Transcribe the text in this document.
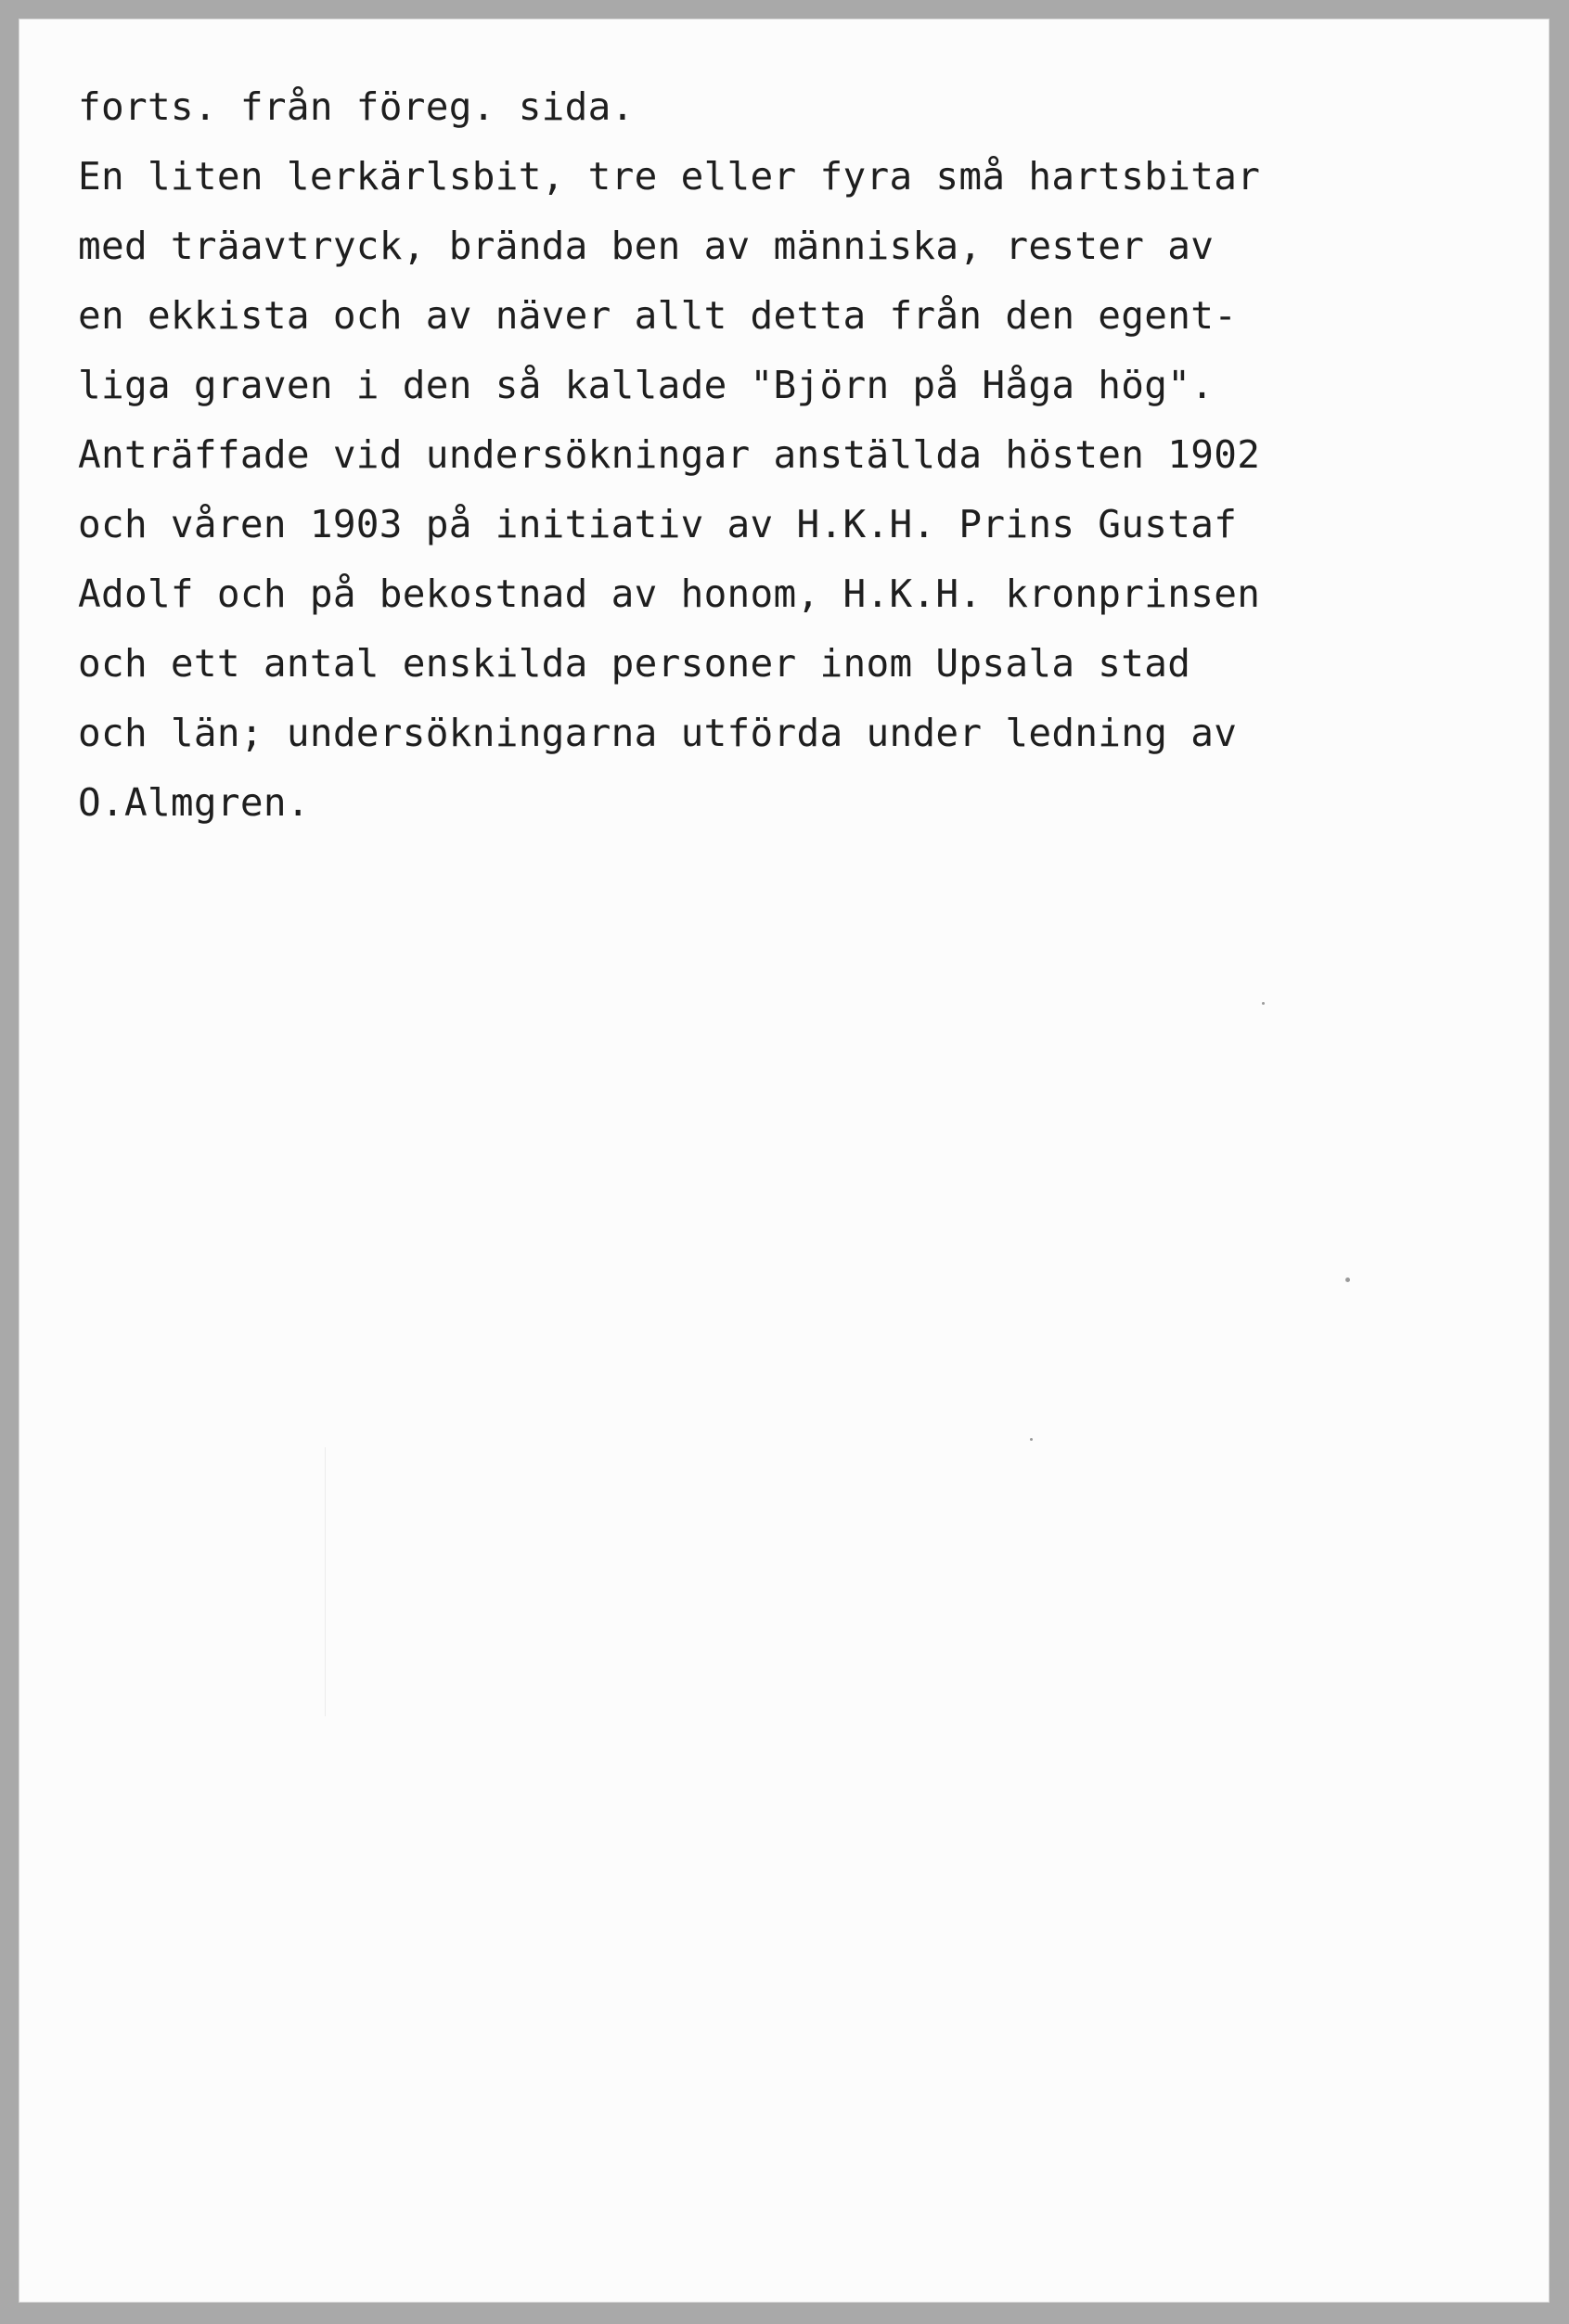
forts. från föreg. sida.
En liten lerkärlsbit, tre eller fyra små hartsbitar
med träavtryck, brända ben av människa, rester av
en ekkista och av näver allt detta från den egent-
liga graven i den så kallade "Björn på Håga hög".
Anträffade vid undersökningar anställda hösten 1902
och våren 1903 på initiativ av H.K.H. Prins Gustaf
Adolf och på bekostnad av honom, H.K.H. kronprinsen
och ett antal enskilda personer inom Upsala stad
och län; undersökningarna utförda under ledning av
O.Almgren.
